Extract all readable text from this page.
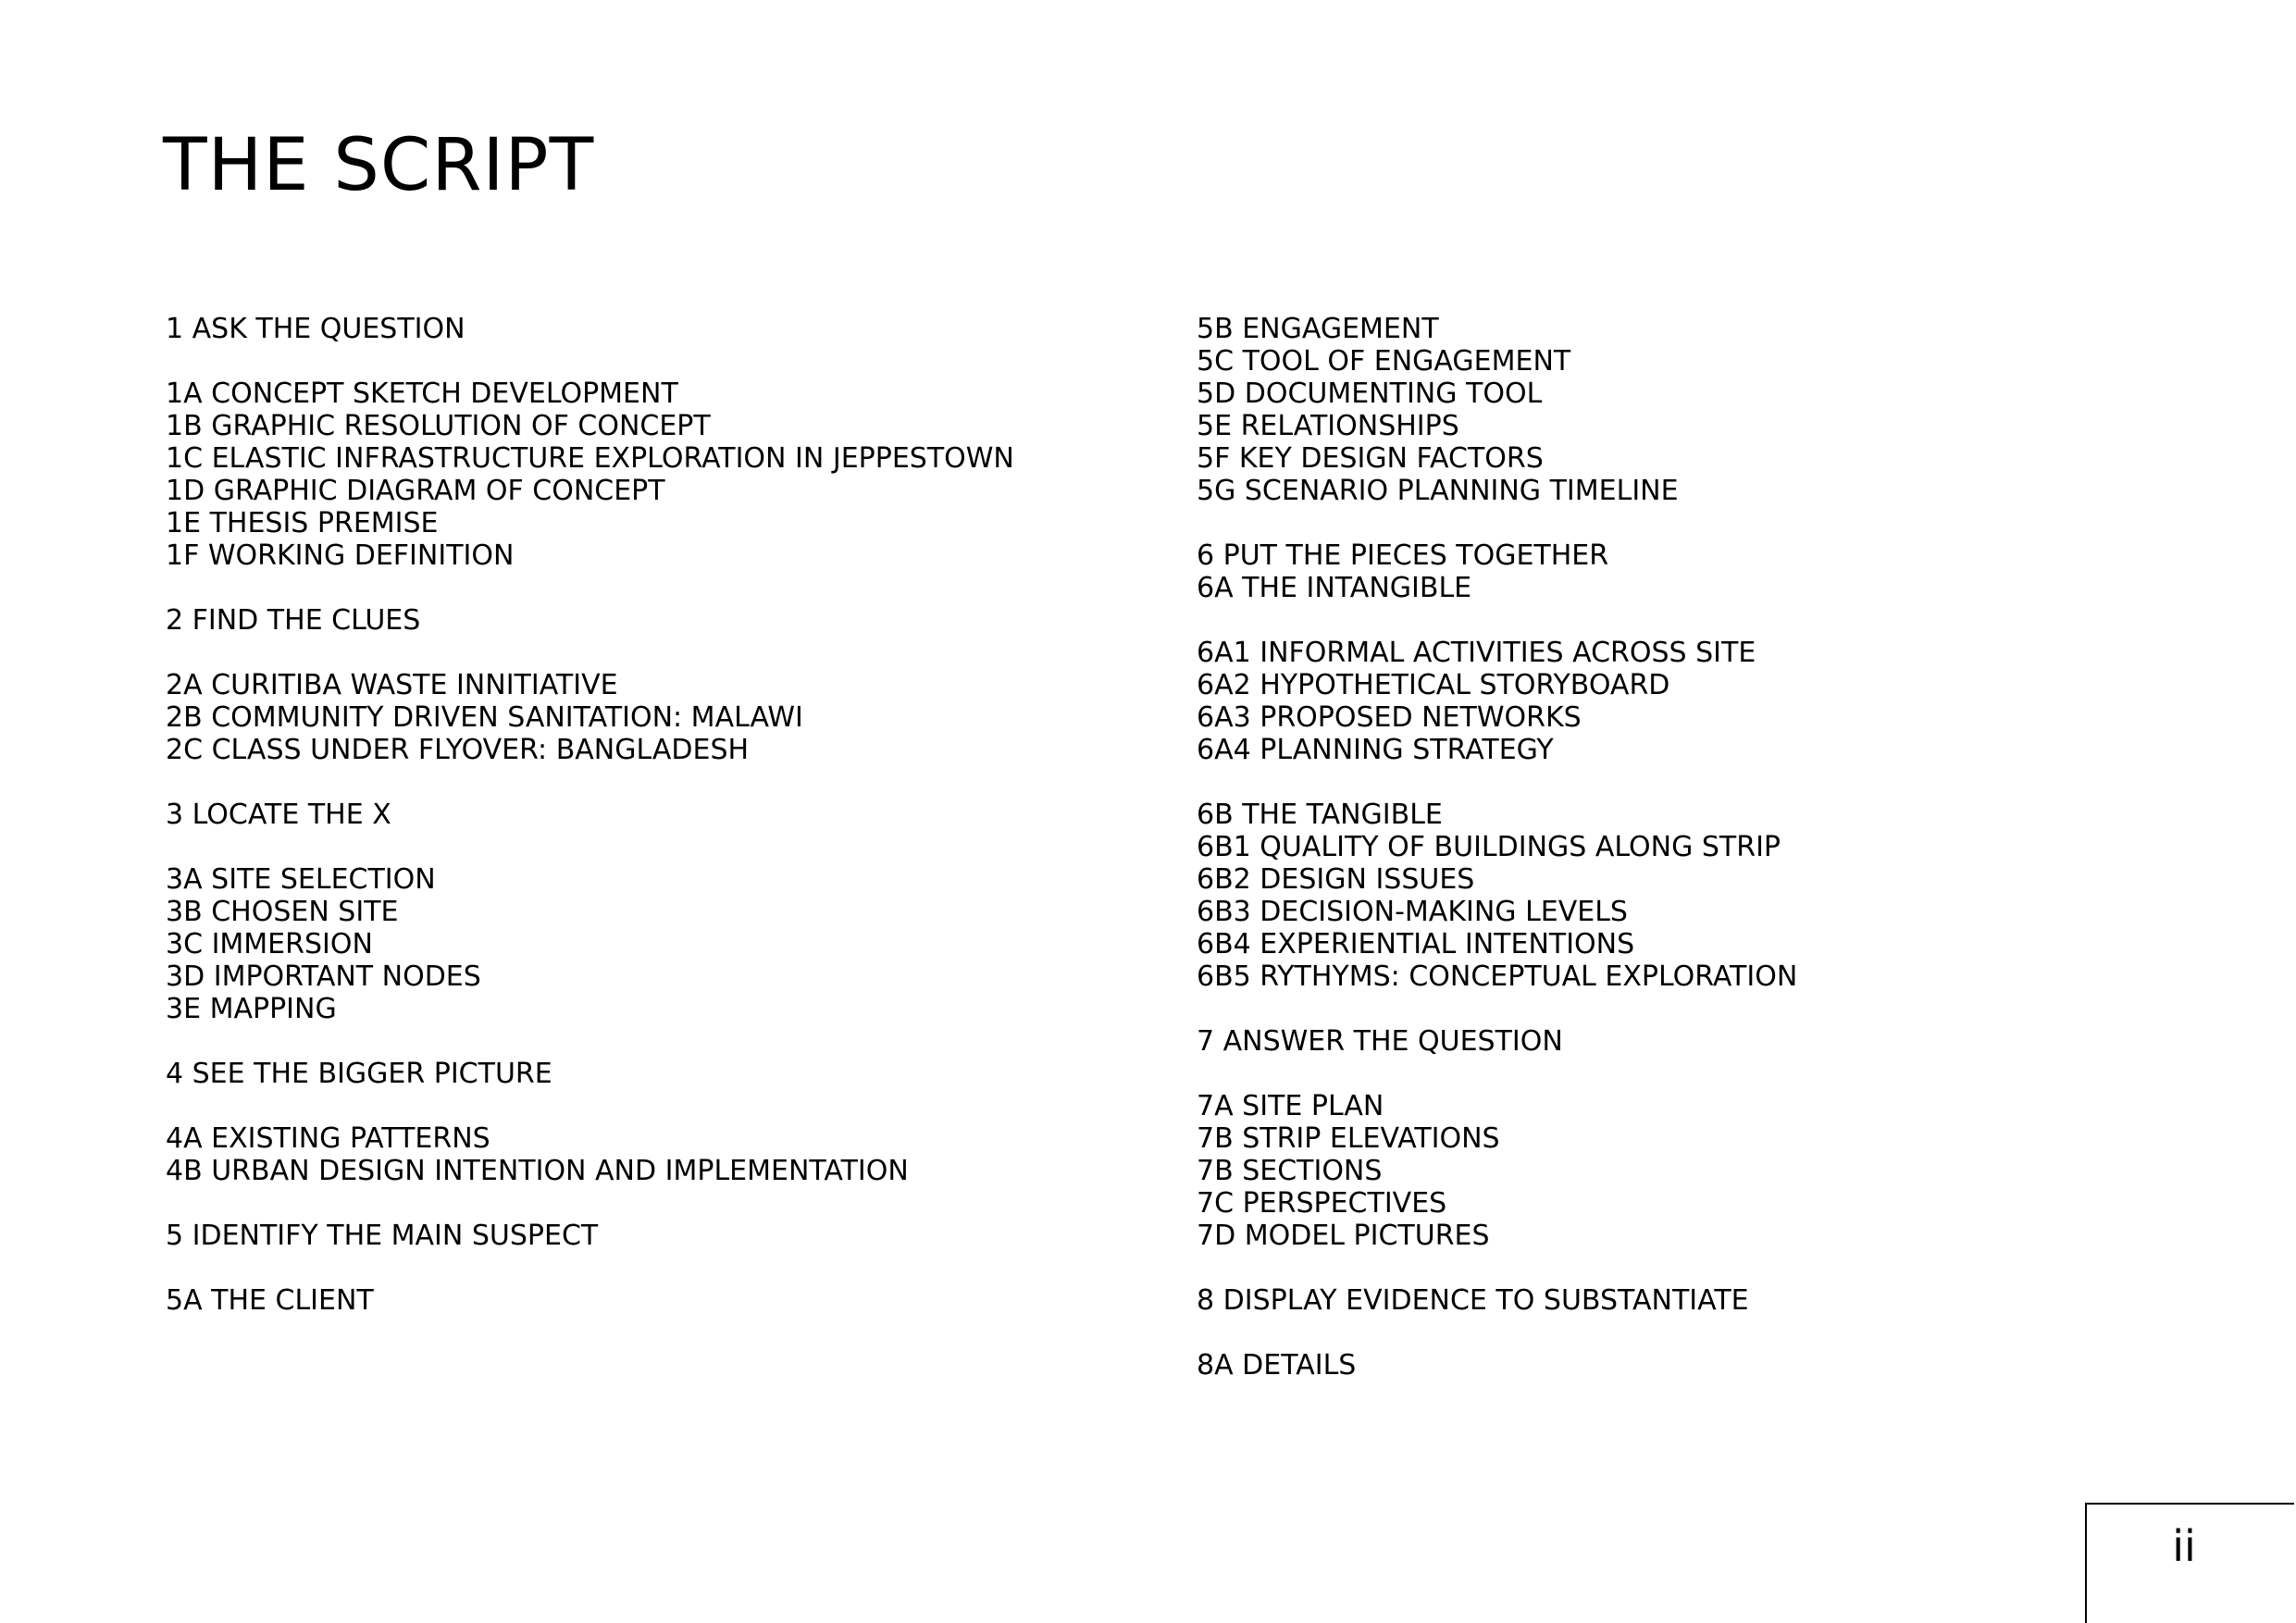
THE SCRIPT
1 ASK THE QUESTION
1A CONCEPT SKETCH DEVELOPMENT
1B GRAPHIC RESOLUTION OF CONCEPT
1C ELASTIC INFRASTRUCTURE EXPLORATION IN JEPPESTOWN
1D GRAPHIC DIAGRAM OF CONCEPT
1E THESIS PREMISE
1F WORKING DEFINITION
2 FIND THE CLUES
2A CURITIBA WASTE INNITIATIVE
2B COMMUNITY DRIVEN SANITATION: MALAWI
2C CLASS UNDER FLYOVER: BANGLADESH
3 LOCATE THE X
3A SITE SELECTION
3B CHOSEN SITE
3C IMMERSION
3D IMPORTANT NODES
3E MAPPING
4 SEE THE BIGGER PICTURE
4A EXISTING PATTERNS
4B URBAN DESIGN INTENTION AND IMPLEMENTATION
5 IDENTIFY THE MAIN SUSPECT
5A THE CLIENT
5B ENGAGEMENT
5C TOOL OF ENGAGEMENT
5D DOCUMENTING TOOL
5E RELATIONSHIPS
5F KEY DESIGN FACTORS
5G SCENARIO PLANNING TIMELINE
6 PUT THE PIECES TOGETHER
6A THE INTANGIBLE
6A1 INFORMAL ACTIVITIES ACROSS SITE
6A2 HYPOTHETICAL STORYBOARD
6A3 PROPOSED NETWORKS
6A4 PLANNING STRATEGY
6B THE TANGIBLE
6B1 QUALITY OF BUILDINGS ALONG STRIP
6B2 DESIGN ISSUES
6B3 DECISION-MAKING LEVELS
6B4 EXPERIENTIAL INTENTIONS
6B5 RYTHYMS: CONCEPTUAL EXPLORATION
7 ANSWER THE QUESTION
7A SITE PLAN
7B STRIP ELEVATIONS
7B SECTIONS
7C PERSPECTIVES
7D MODEL PICTURES
8 DISPLAY EVIDENCE TO SUBSTANTIATE
8A DETAILS
ii
